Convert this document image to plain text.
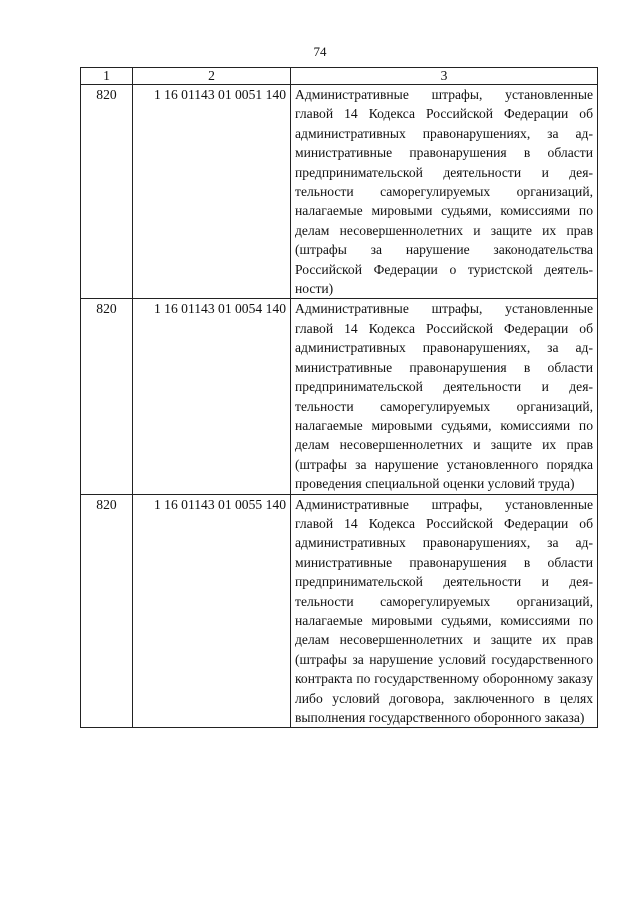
74
1	2	3
820	1 16 01143 01 0051 140	Административные штрафы, установленные главой 14 Кодекса Российской Федерации об административных правонарушениях, за административные правонарушения в области предпринимательской деятельности и деятельности саморегулируемых организаций, налагаемые мировыми судьями, комиссиями по делам несовершеннолетних и защите их прав (штрафы за нарушение законодательства Российской Федерации о туристской деятельности)
820	1 16 01143 01 0054 140	Административные штрафы, установленные главой 14 Кодекса Российской Федерации об административных правонарушениях, за административные правонарушения в области предпринимательской деятельности и деятельности саморегулируемых организаций, налагаемые мировыми судьями, комиссиями по делам несовершеннолетних и защите их прав (штрафы за нарушение установленного порядка проведения специальной оценки условий труда)
820	1 16 01143 01 0055 140	Административные штрафы, установленные главой 14 Кодекса Российской Федерации об административных правонарушениях, за административные правонарушения в области предпринимательской деятельности и деятельности саморегулируемых организаций, налагаемые мировыми судьями, комиссиями по делам несовершеннолетних и защите их прав (штрафы за нарушение условий государственного контракта по государственному оборонному заказу либо условий договора, заключенного в целях выполнения государственного оборонного заказа)
